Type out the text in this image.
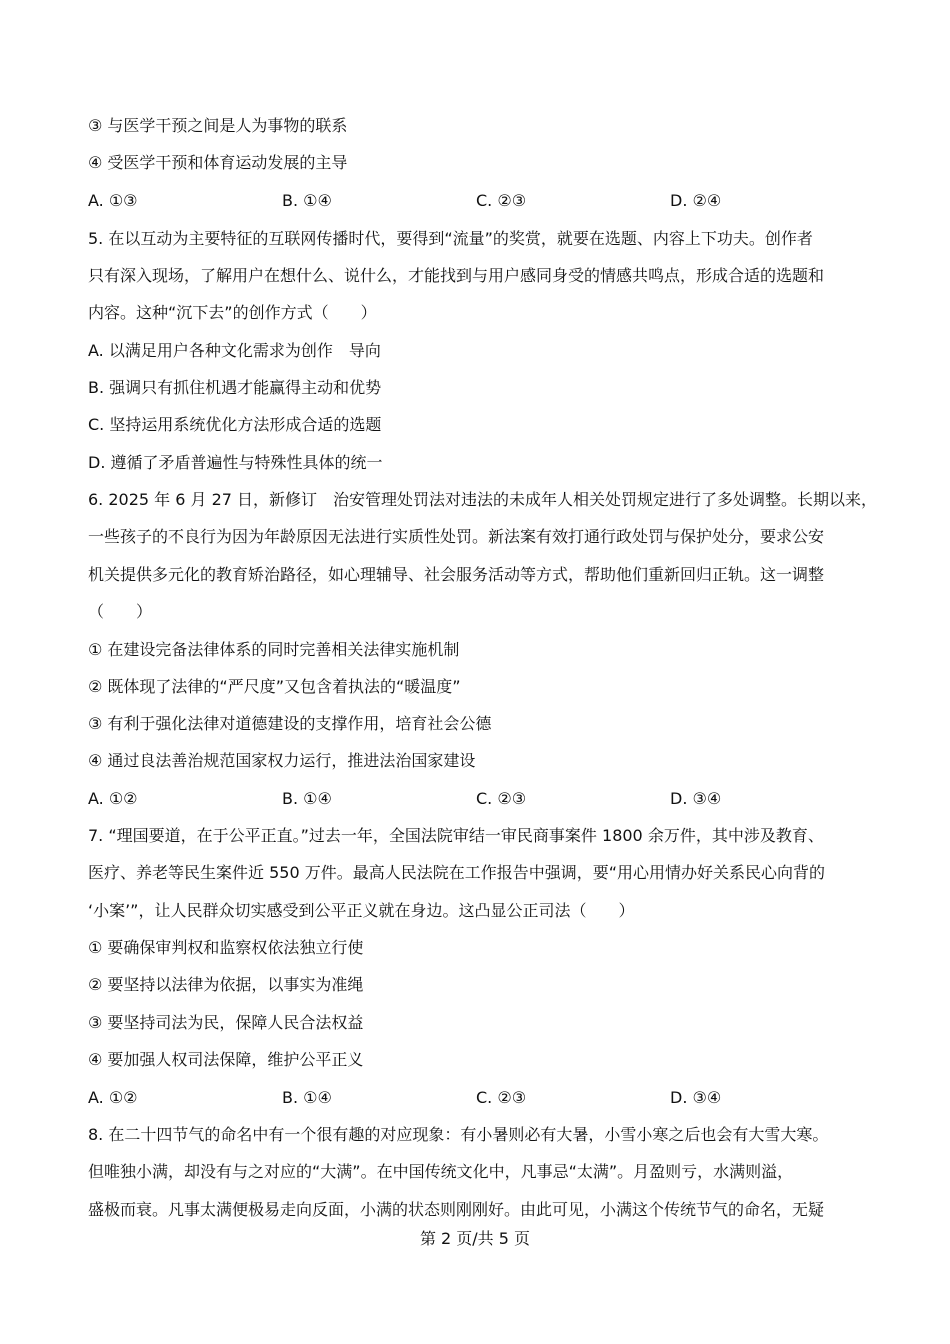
③ 与医学干预之间是人为事物的联系
④ 受医学干预和体育运动发展的主导
A. ①③	B. ①④	C. ②③	D. ②④
5. 在以互动为主要特征的互联网传播时代，要得到“流量”的奖赏，就要在选题、内容上下功夫。创作者
只有深入现场，了解用户在想什么、说什么，才能找到与用户感同身受的情感共鸣点，形成合适的选题和
内容。这种“沉下去”的创作方式（　　）
A. 以满足用户各种文化需求为创作　导向
B. 强调只有抓住机遇才能赢得主动和优势
C. 坚持运用系统优化方法形成合适的选题
D. 遵循了矛盾普遍性与特殊性具体的统一
6. 2025 年 6 月 27 日，新修订　治安管理处罚法对违法的未成年人相关处罚规定进行了多处调整。长期以来，
一些孩子的不良行为因为年龄原因无法进行实质性处罚。新法案有效打通行政处罚与保护处分，要求公安
机关提供多元化的教育矫治路径，如心理辅导、社会服务活动等方式，帮助他们重新回归正轨。这一调整
（　　）
① 在建设完备法律体系的同时完善相关法律实施机制
② 既体现了法律的“严尺度”又包含着执法的“暖温度”
③ 有利于强化法律对道德建设的支撑作用，培育社会公德
④ 通过良法善治规范国家权力运行，推进法治国家建设
A. ①②	B. ①④	C. ②③	D. ③④
7. “理国要道，在于公平正直。”过去一年，全国法院审结一审民商事案件 1800 余万件，其中涉及教育、
医疗、养老等民生案件近 550 万件。最高人民法院在工作报告中强调，要“用心用情办好关系民心向背的
‘小案’”，让人民群众切实感受到公平正义就在身边。这凸显公正司法（　　）
① 要确保审判权和监察权依法独立行使
② 要坚持以法律为依据，以事实为准绳
③ 要坚持司法为民，保障人民合法权益
④ 要加强人权司法保障，维护公平正义
A. ①②	B. ①④	C. ②③	D. ③④
8. 在二十四节气的命名中有一个很有趣的对应现象：有小暑则必有大暑，小雪小寒之后也会有大雪大寒。
但唯独小满，却没有与之对应的“大满”。在中国传统文化中，凡事忌“太满”。月盈则亏，水满则溢，
盛极而衰。凡事太满便极易走向反面，小满的状态则刚刚好。由此可见，小满这个传统节气的命名，无疑
第 2 页/共 5 页
